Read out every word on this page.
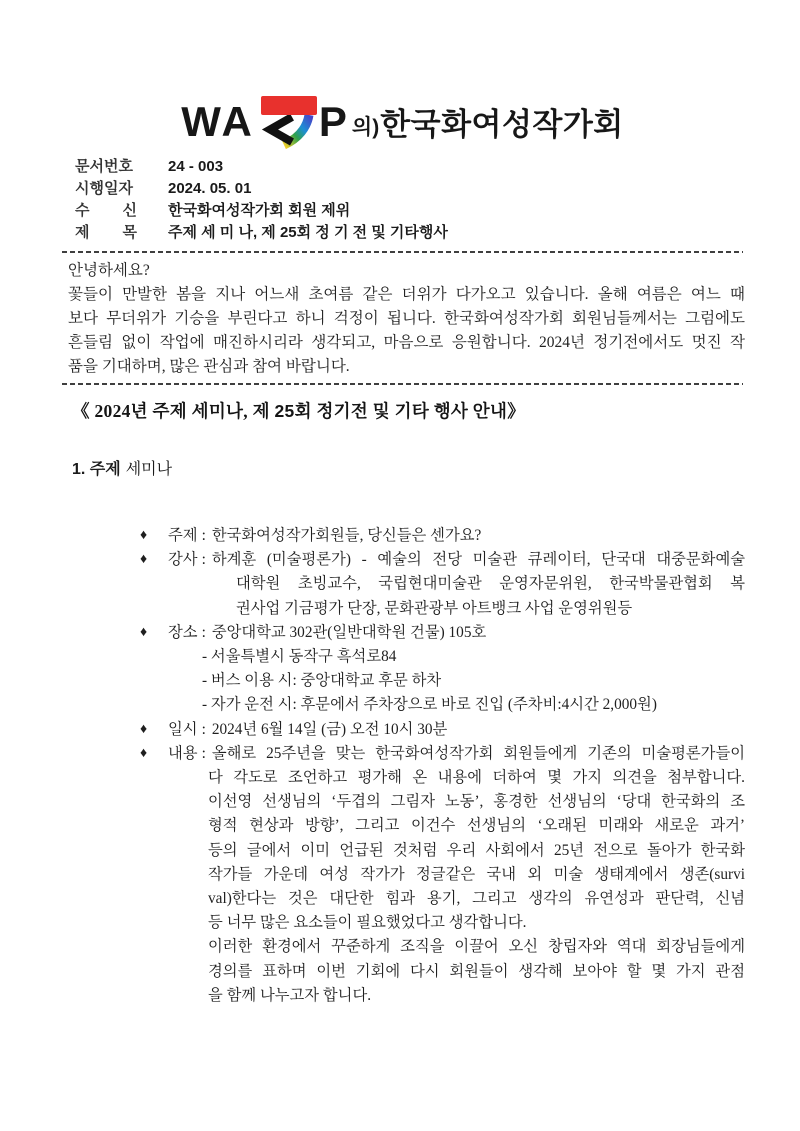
WA P 의) 한국화여성작가회
문서번호 24 - 003
시행일자 2024. 05. 01
수 신 한국화여성작가회 회원 제위
제 목 주제 세 미 나, 제 25회 정 기 전 및 기타행사
안녕하세요?
꽃들이 만발한 봄을 지나 어느새 초여름 같은 더위가 다가오고 있습니다. 올해 여름은 여느 때
보다 무더위가 기승을 부린다고 하니 걱정이 됩니다. 한국화여성작가회 회원님들께서는 그럼에도
흔들림 없이 작업에 매진하시리라 생각되고, 마음으로 응원합니다. 2024년 정기전에서도 멋진 작
품을 기대하며, 많은 관심과 참여 바랍니다.
《 2024년 주제 세미나, 제 25회 정기전 및 기타 행사 안내》
1. 주제 세미나
♦	주제 : 한국화여성작가회원들, 당신들은 센가요?
♦	강사 : 하계훈 (미술평론가) - 예술의 전당 미술관 큐레이터, 단국대 대중문화예술
대학원 초빙교수, 국립현대미술관 운영자문위원, 한국박물관협회 복
권사업 기금평가 단장, 문화관광부 아트뱅크 사업 운영위원등
♦	장소 : 중앙대학교 302관(일반대학원 건물) 105호
- 서울특별시 동작구 흑석로84
- 버스 이용 시: 중앙대학교 후문 하차
- 자가 운전 시: 후문에서 주차장으로 바로 진입 (주차비:4시간 2,000원)
♦	일시 : 2024년 6월 14일 (금) 오전 10시 30분
♦	내용 : 올해로 25주년을 맞는 한국화여성작가회 회원들에게 기존의 미술평론가들이
다 각도로 조언하고 평가해 온 내용에 더하여 몇 가지 의견을 첨부합니다.
이선영 선생님의 ‘두겹의 그림자 노동’, 홍경한 선생님의 ‘당대 한국화의 조
형적 현상과 방향’, 그리고 이건수 선생님의 ‘오래된 미래와 새로운 과거’
등의 글에서 이미 언급된 것처럼 우리 사회에서 25년 전으로 돌아가 한국화
작가들 가운데 여성 작가가 정글같은 국내 외 미술 생태계에서 생존(survi
val)한다는 것은 대단한 힘과 용기, 그리고 생각의 유연성과 판단력, 신념
등 너무 많은 요소들이 필요했었다고 생각합니다.
이러한 환경에서 꾸준하게 조직을 이끌어 오신 창립자와 역대 회장님들에게
경의를 표하며 이번 기회에 다시 회원들이 생각해 보아야 할 몇 가지 관점
을 함께 나누고자 합니다.
